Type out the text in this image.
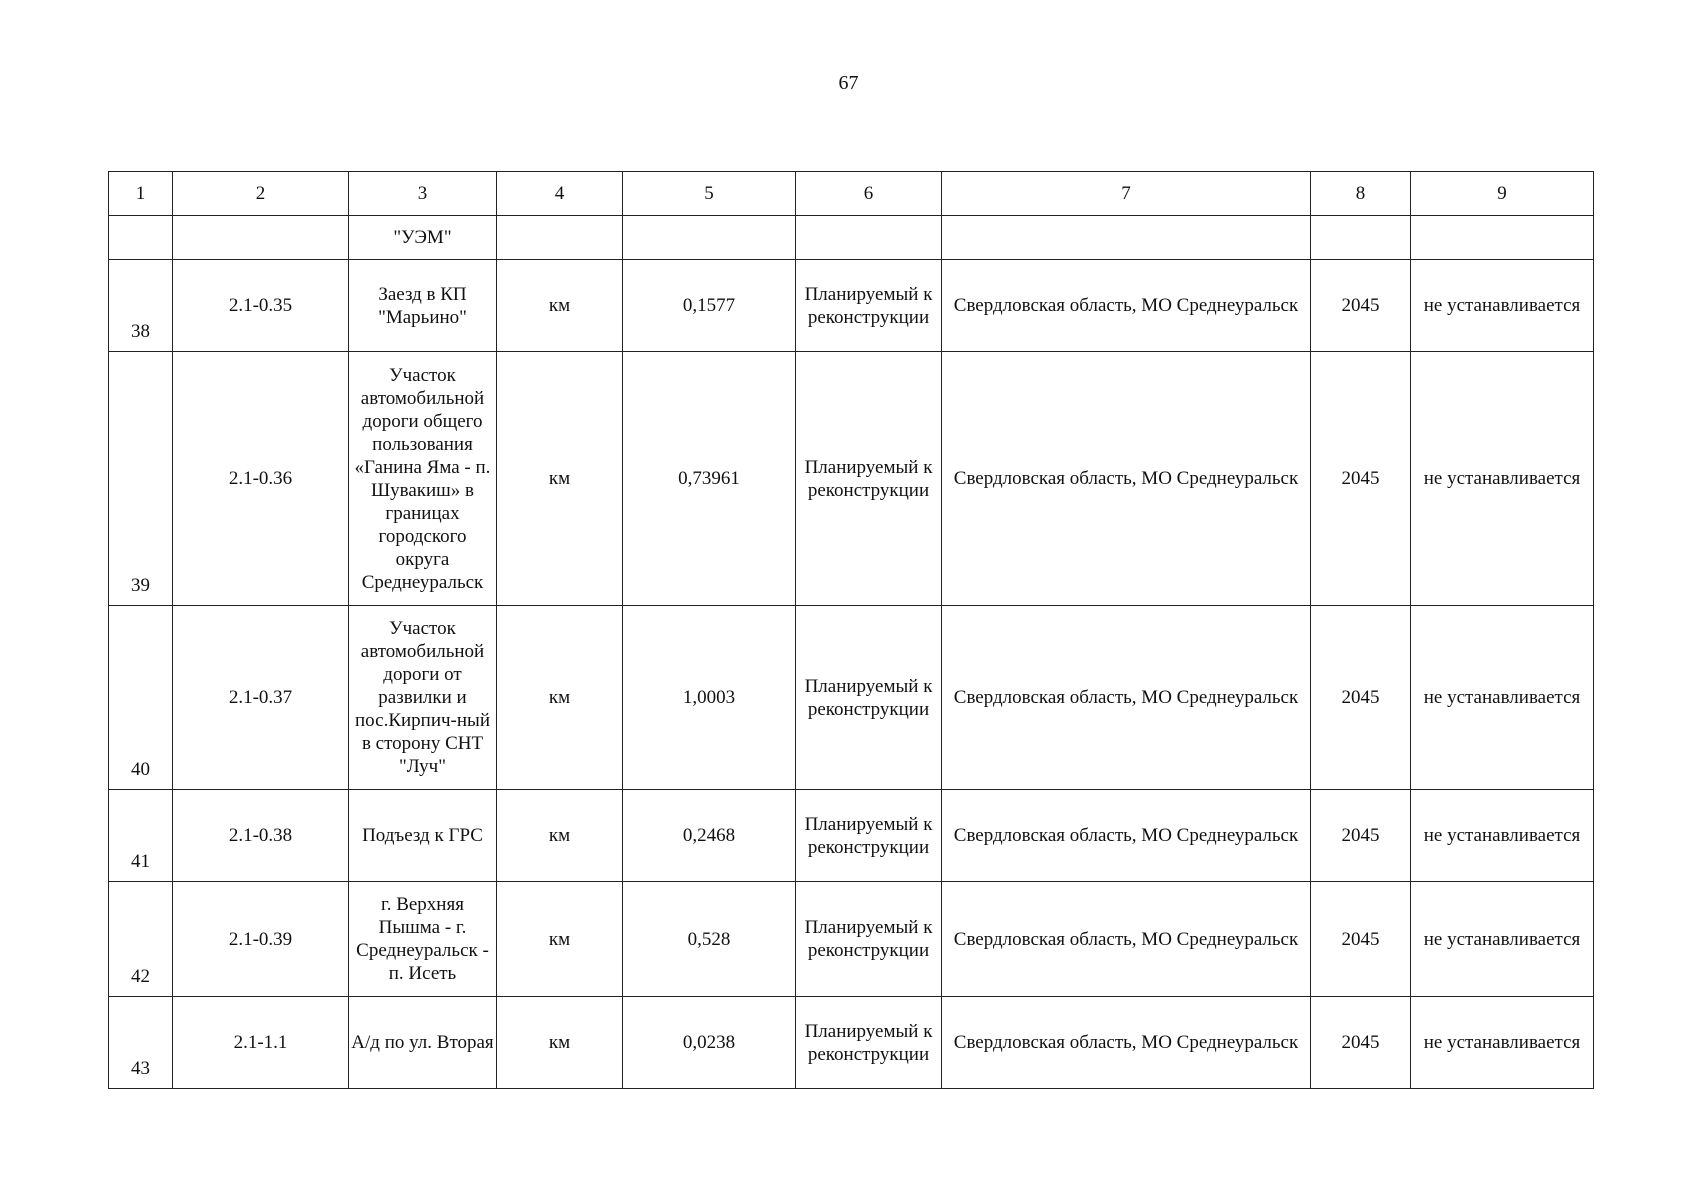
67
1	2	3	4	5	6	7	8	9
		"УЭМ"						
38	2.1-0.35	Заезд в КП "Марьино"	км	0,1577	Планируемый к реконструкции	Свердловская область, МО Среднеуральск	2045	не устанавливается
39	2.1-0.36	Участок автомобильной дороги общего пользования «Ганина Яма - п. Шувакиш» в границах городского округа Среднеуральск	км	0,73961	Планируемый к реконструкции	Свердловская область, МО Среднеуральск	2045	не устанавливается
40	2.1-0.37	Участок автомобильной дороги от развилки и пос.Кирпич-ный в сторону СНТ "Луч"	км	1,0003	Планируемый к реконструкции	Свердловская область, МО Среднеуральск	2045	не устанавливается
41	2.1-0.38	Подъезд к ГРС	км	0,2468	Планируемый к реконструкции	Свердловская область, МО Среднеуральск	2045	не устанавливается
42	2.1-0.39	г. Верхняя Пышма - г. Среднеуральск - п. Исеть	км	0,528	Планируемый к реконструкции	Свердловская область, МО Среднеуральск	2045	не устанавливается
43	2.1-1.1	А/д по ул. Вторая	км	0,0238	Планируемый к реконструкции	Свердловская область, МО Среднеуральск	2045	не устанавливается
